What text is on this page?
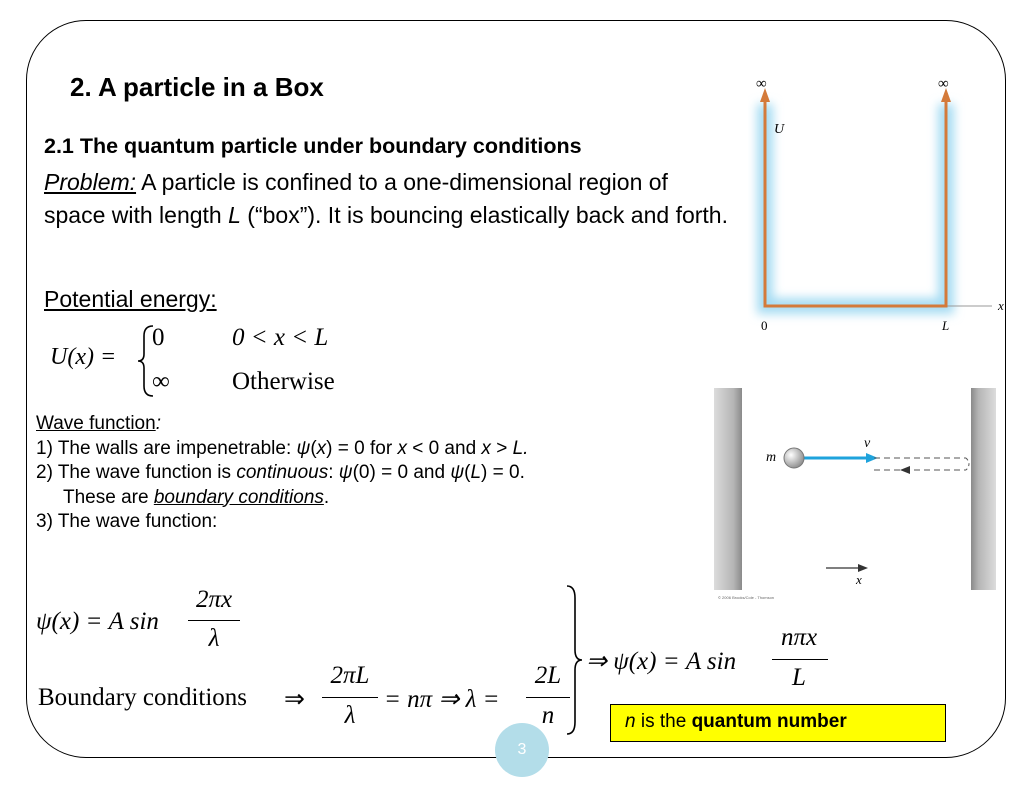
2. A particle in a Box
2.1 The quantum particle under boundary conditions
Problem: A particle is confined to a one-dimensional region of space with length L (“box”). It is bouncing elastically back and forth.
Potential energy:
U(x) =
0	0 < x < L
∞ Otherwise
Wave function:
1) The walls are impenetrable: ψ(x) = 0 for x < 0 and x > L.
2) The wave function is continuous: ψ(0) = 0 and ψ(L) = 0.
These are boundary conditions.
3) The wave function:
ψ(x) = A sin
2πx
λ
Boundary conditions ⇒
2πL
λ
= nπ ⇒ λ =
2L
n
⇒ ψ(x) = A sin
nπx
L
n is the quantum number
3
∞	∞
U
x
0	L
m
v
x
© 2006 Brooks/Cole - Thomson
